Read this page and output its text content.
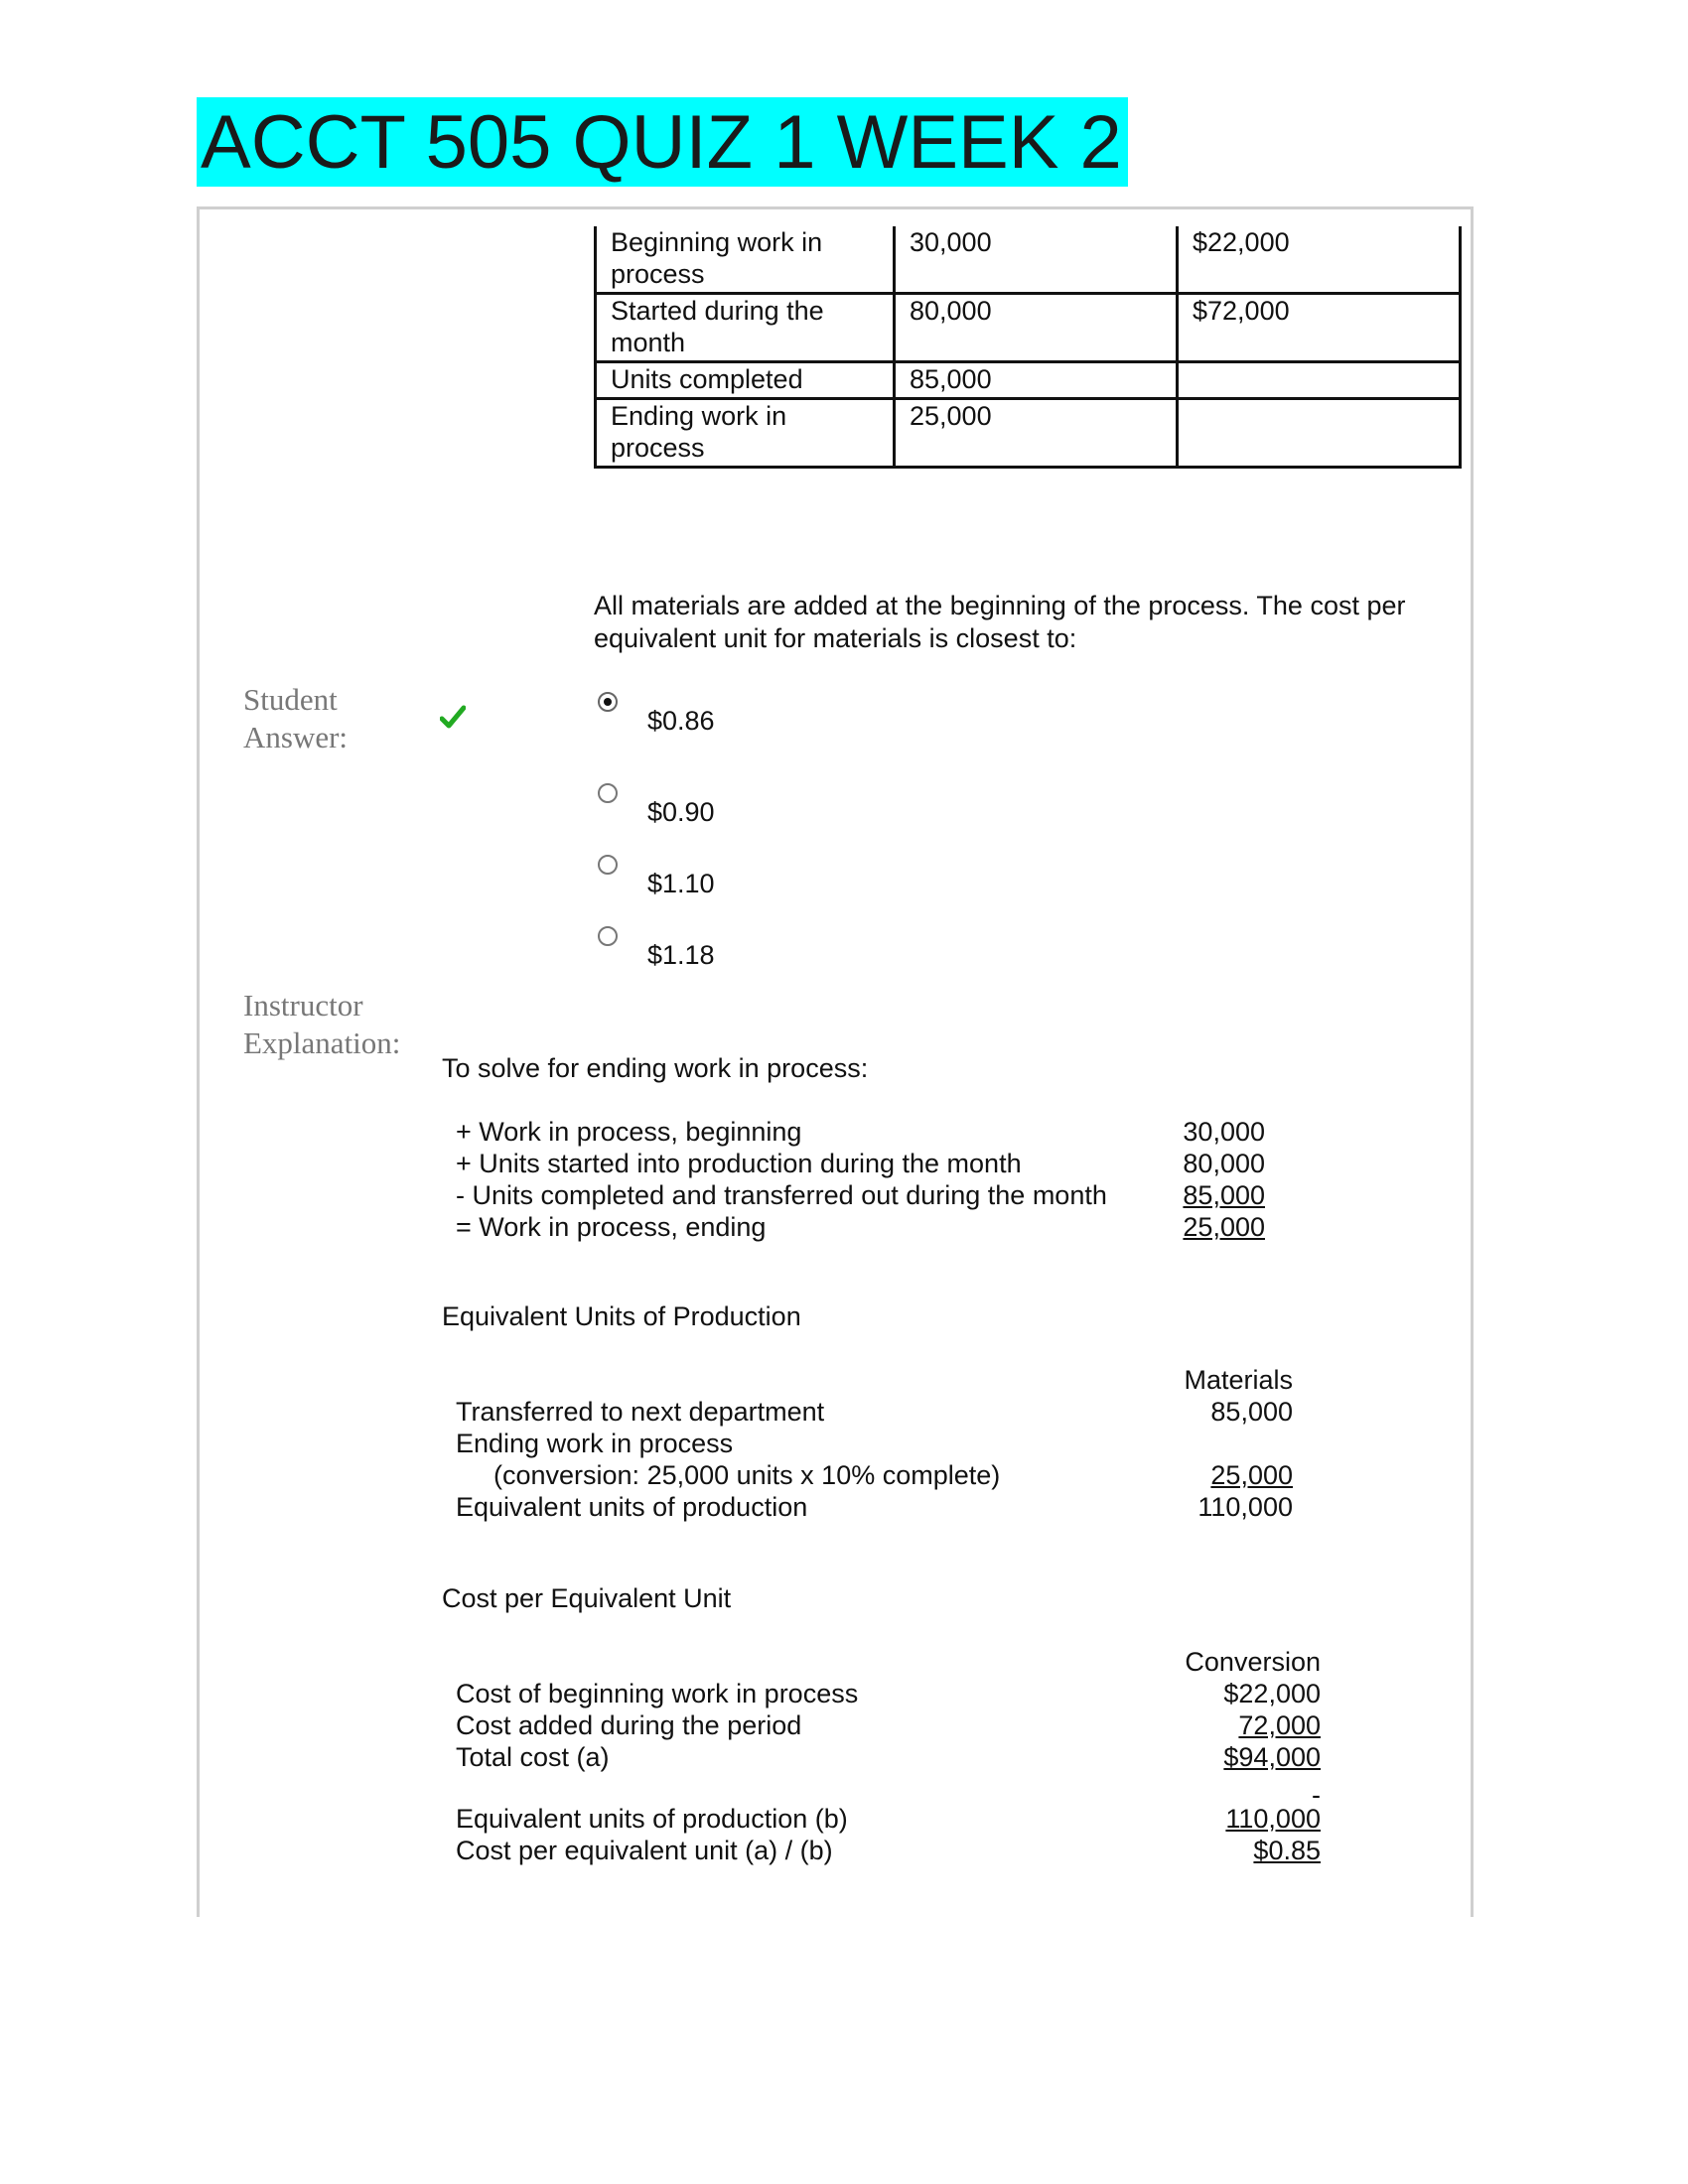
ACCT 505 QUIZ 1 WEEK 2
Beginning work in process	30,000	$22,000
Started during the month	80,000	$72,000
Units completed	85,000	
Ending work in process	25,000	
All materials are added at the beginning of the process. The cost per equivalent unit for materials is closest to:
Student
Answer:	$0.86
$0.90
$1.10
$1.18
Instructor
Explanation:
To solve for ending work in process:
+ Work in process, beginning	30,000
+ Units started into production during the month	80,000
- Units completed and transferred out during the month	85,000
= Work in process, ending	25,000
Equivalent Units of Production
Materials
Transferred to next department	85,000
Ending work in process
(conversion: 25,000 units x 10% complete)	25,000
Equivalent units of production	110,000
Cost per Equivalent Unit
Conversion
Cost of beginning work in process	$22,000
Cost added during the period	72,000
Total cost (a)	$94,000
-
Equivalent units of production (b)	110,000
Cost per equivalent unit (a) / (b)	$0.85
